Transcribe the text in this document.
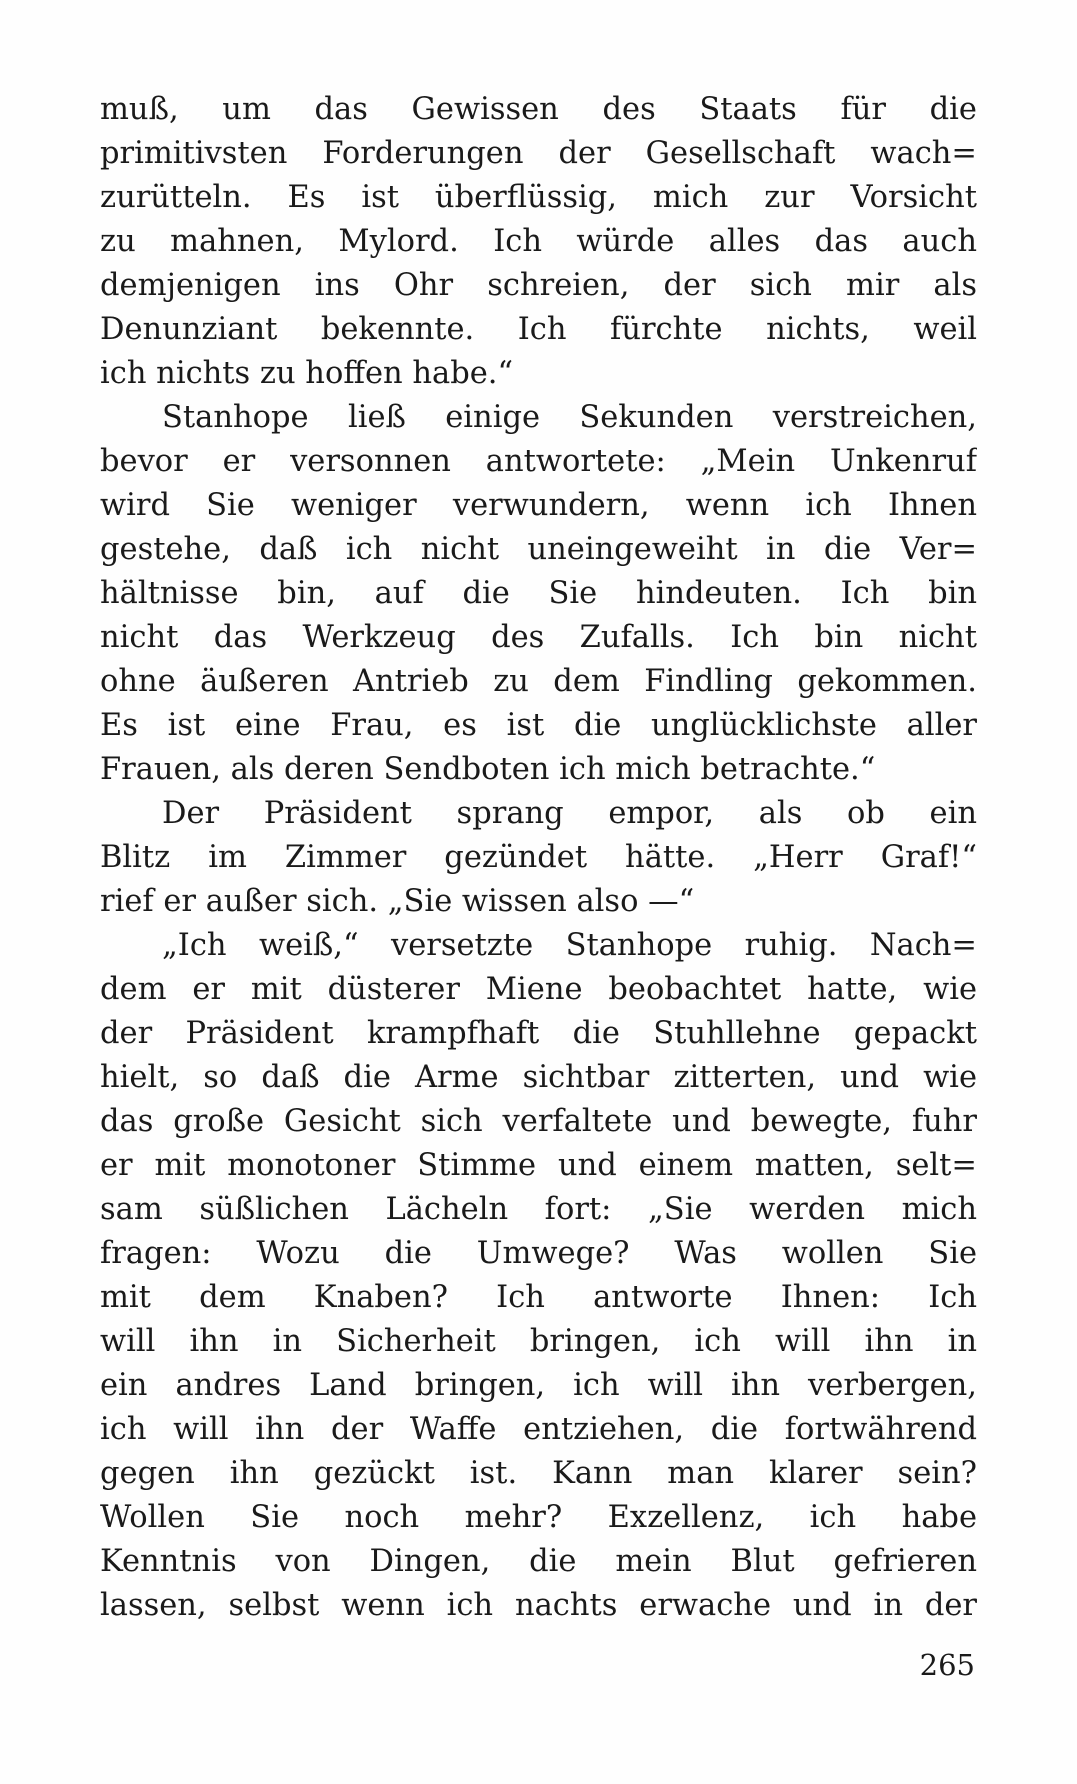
muß, um das Gewissen des Staats für die
primitivsten Forderungen der Gesellschaft wach=
zurütteln. Es ist überflüssig, mich zur Vorsicht
zu mahnen, Mylord. Ich würde alles das auch
demjenigen ins Ohr schreien, der sich mir als
Denunziant bekennte. Ich fürchte nichts, weil
ich nichts zu hoffen habe.“
Stanhope ließ einige Sekunden verstreichen,
bevor er versonnen antwortete: „Mein Unkenruf
wird Sie weniger verwundern, wenn ich Ihnen
gestehe, daß ich nicht uneingeweiht in die Ver=
hältnisse bin, auf die Sie hindeuten. Ich bin
nicht das Werkzeug des Zufalls. Ich bin nicht
ohne äußeren Antrieb zu dem Findling gekommen.
Es ist eine Frau, es ist die unglücklichste aller
Frauen, als deren Sendboten ich mich betrachte.“
Der Präsident sprang empor, als ob ein
Blitz im Zimmer gezündet hätte. „Herr Graf!“
rief er außer sich. „Sie wissen also —“
„Ich weiß,“ versetzte Stanhope ruhig. Nach=
dem er mit düsterer Miene beobachtet hatte, wie
der Präsident krampfhaft die Stuhllehne gepackt
hielt, so daß die Arme sichtbar zitterten, und wie
das große Gesicht sich verfaltete und bewegte, fuhr
er mit monotoner Stimme und einem matten, selt=
sam süßlichen Lächeln fort: „Sie werden mich
fragen: Wozu die Umwege? Was wollen Sie
mit dem Knaben? Ich antworte Ihnen: Ich
will ihn in Sicherheit bringen, ich will ihn in
ein andres Land bringen, ich will ihn verbergen,
ich will ihn der Waffe entziehen, die fortwährend
gegen ihn gezückt ist. Kann man klarer sein?
Wollen Sie noch mehr? Exzellenz, ich habe
Kenntnis von Dingen, die mein Blut gefrieren
lassen, selbst wenn ich nachts erwache und in der
265
